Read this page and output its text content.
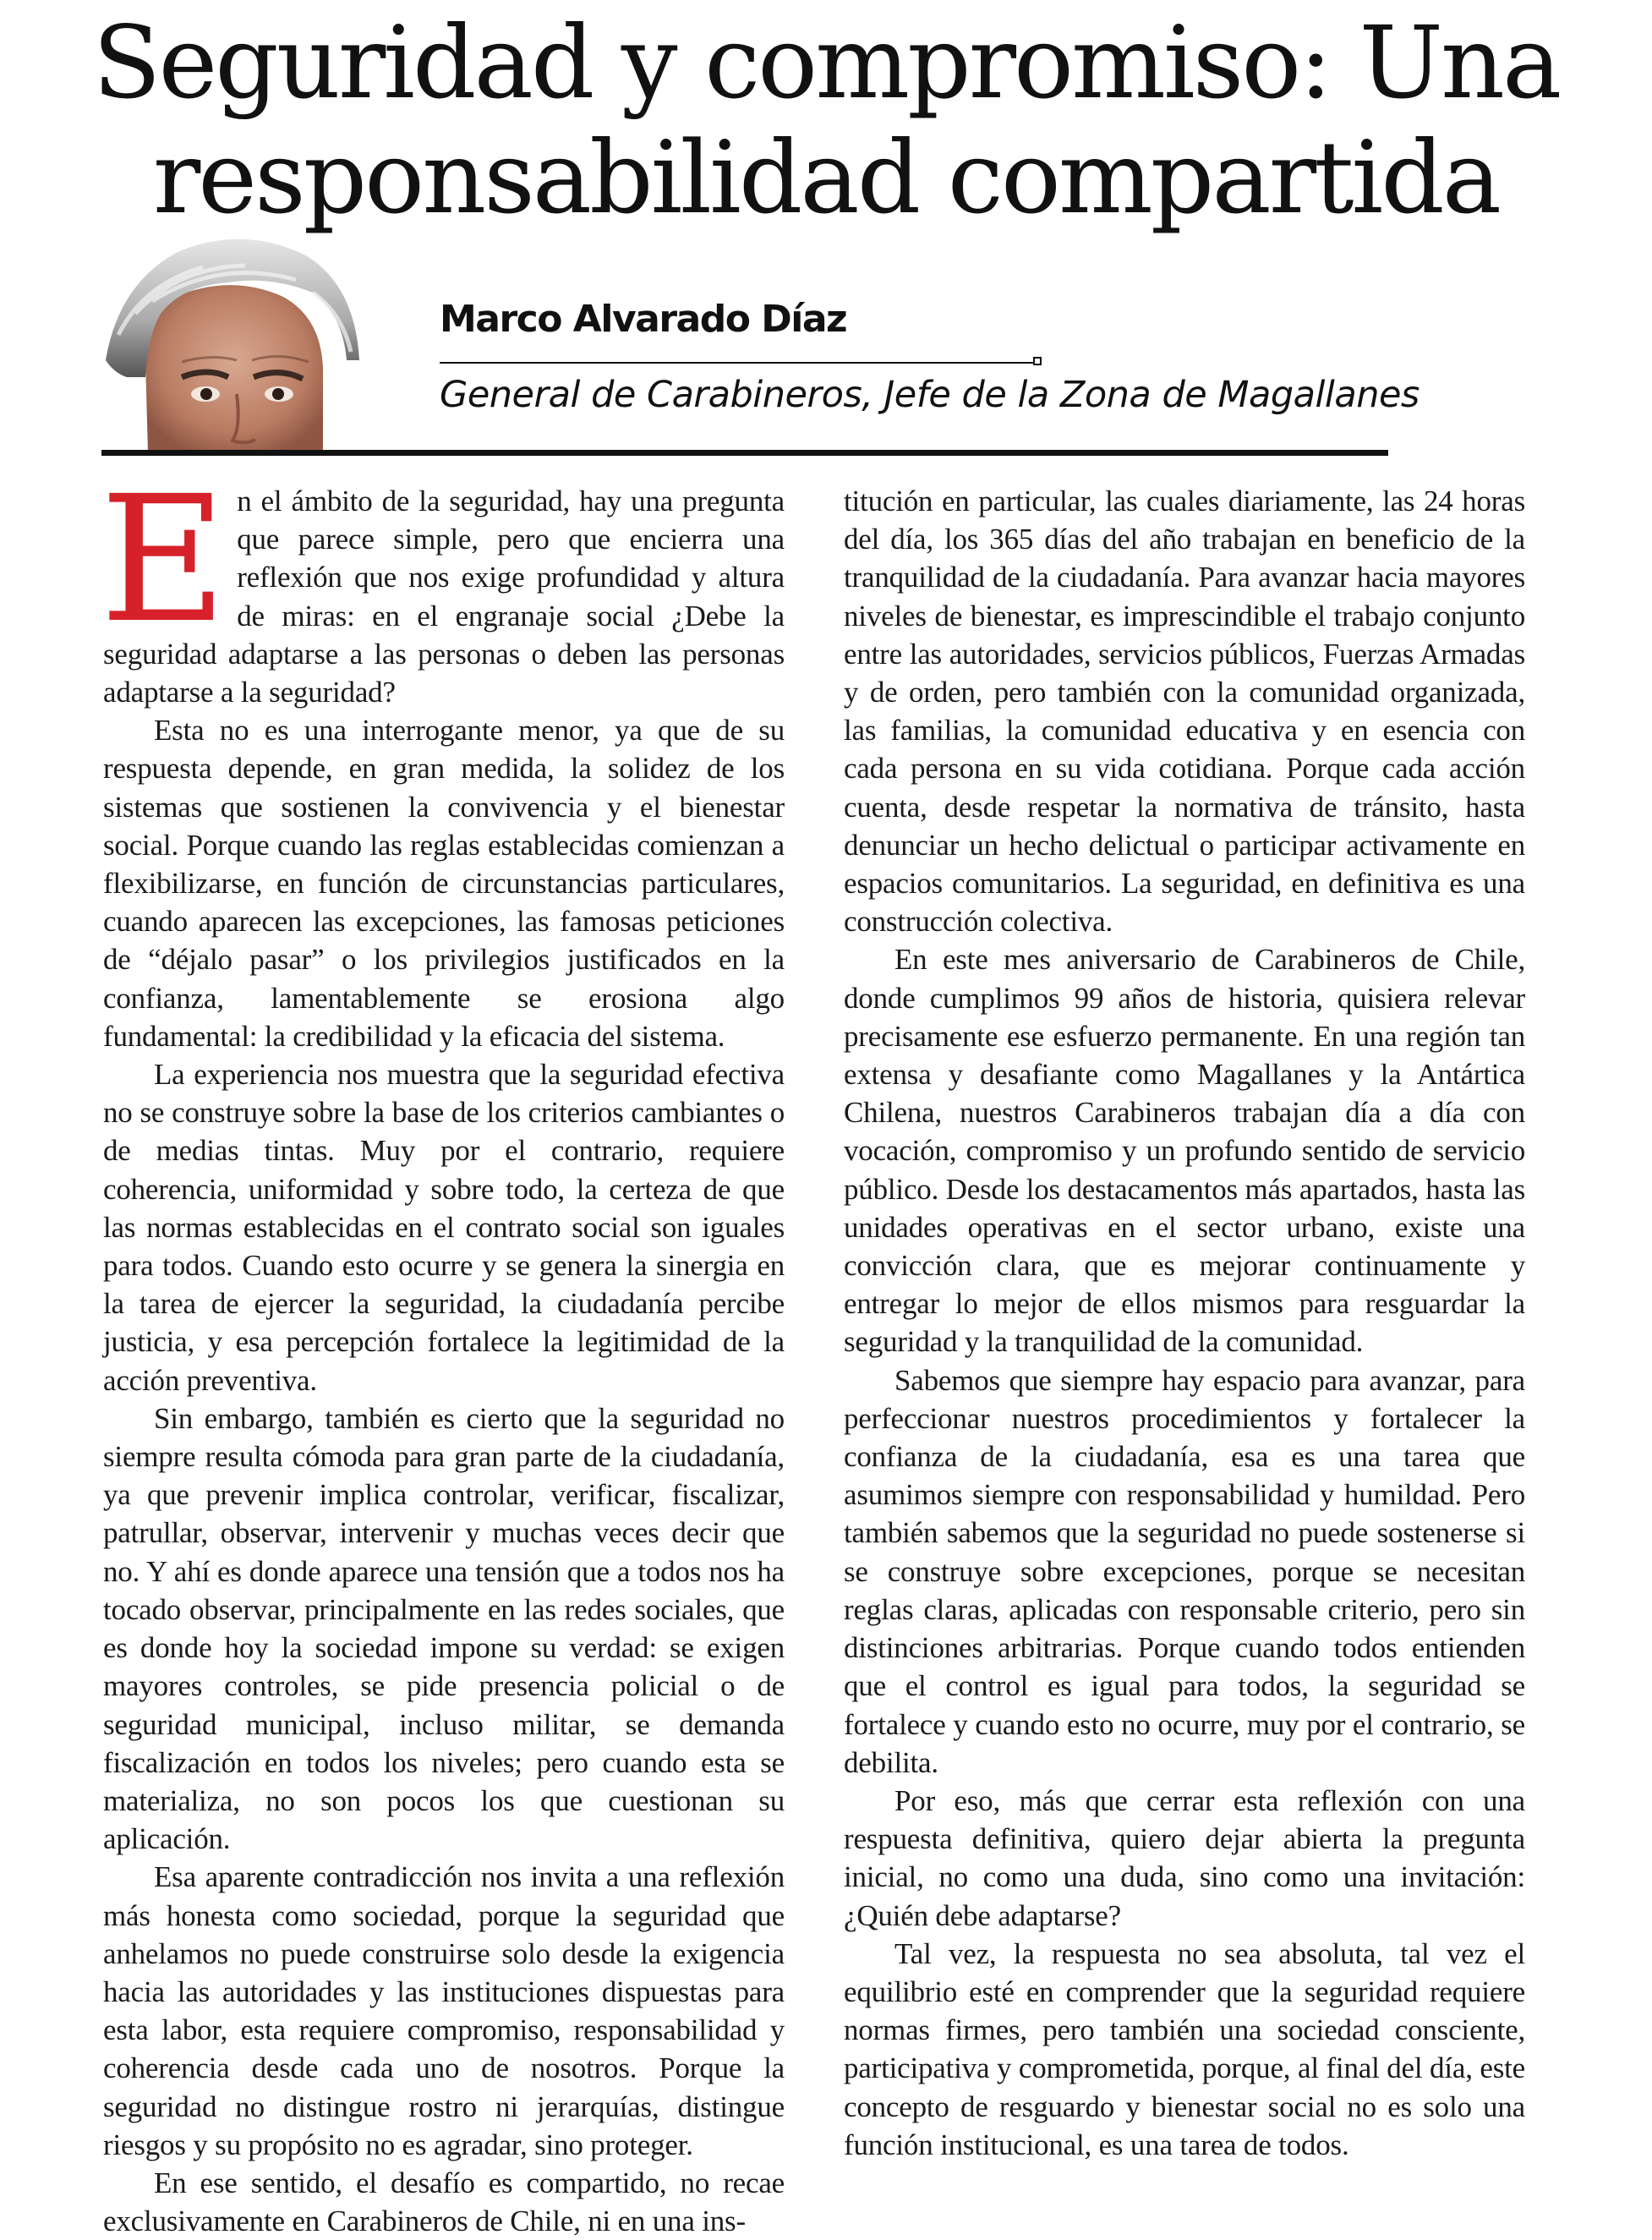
Seguridad y compromiso: Una
responsabilidad compartida
Marco Alvarado Díaz
General de Carabineros, Jefe de la Zona de Magallanes

En el ámbito de la seguridad, hay una pregunta que parece simple, pero que encierra una reflexión que nos exige profundidad y altura de miras: en el engranaje social ¿Debe la seguridad adaptarse a las personas o deben las personas adaptarse a la seguridad?

Esta no es una interrogante menor, ya que de su respuesta depende, en gran medida, la solidez de los sistemas que sostienen la convivencia y el bienestar social. Porque cuando las reglas establecidas comienzan a flexibilizarse, en función de circunstancias particulares, cuando aparecen las excepciones, las famosas peticiones de “déjalo pasar” o los privilegios justificados en la confianza, lamentablemente se erosiona algo fundamental: la credibilidad y la eficacia del sistema.

La experiencia nos muestra que la seguridad efectiva no se construye sobre la base de los criterios cambiantes o de medias tintas. Muy por el contrario, requiere coherencia, uniformidad y sobre todo, la certeza de que las normas establecidas en el contrato social son iguales para todos. Cuando esto ocurre y se genera la sinergia en la tarea de ejercer la seguridad, la ciudadanía percibe justicia, y esa percepción fortalece la legitimidad de la acción preventiva.

Sin embargo, también es cierto que la seguridad no siempre resulta cómoda para gran parte de la ciudadanía, ya que prevenir implica controlar, verificar, fiscalizar, patrullar, observar, intervenir y muchas veces decir que no. Y ahí es donde aparece una tensión que a todos nos ha tocado observar, principalmente en las redes sociales, que es donde hoy la sociedad impone su verdad: se exigen mayores controles, se pide presencia policial o de seguridad municipal, incluso militar, se demanda fiscalización en todos los niveles; pero cuando esta se materializa, no son pocos los que cuestionan su aplicación.

Esa aparente contradicción nos invita a una reflexión más honesta como sociedad, porque la seguridad que anhelamos no puede construirse solo desde la exigencia hacia las autoridades y las instituciones dispuestas para esta labor, esta requiere compromiso, responsabilidad y coherencia desde cada uno de nosotros. Porque la seguridad no distingue rostro ni jerarquías, distingue riesgos y su propósito no es agradar, sino proteger.

En ese sentido, el desafío es compartido, no recae exclusivamente en Carabineros de Chile, ni en una ins-

titución en particular, las cuales diariamente, las 24 horas del día, los 365 días del año trabajan en beneficio de la tranquilidad de la ciudadanía. Para avanzar hacia mayores niveles de bienestar, es imprescindible el trabajo conjunto entre las autoridades, servicios públicos, Fuerzas Armadas y de orden, pero también con la comunidad organizada, las familias, la comunidad educativa y en esencia con cada persona en su vida cotidiana. Porque cada acción cuenta, desde respetar la normativa de tránsito, hasta denunciar un hecho delictual o participar activamente en espacios comunitarios. La seguridad, en definitiva es una construcción colectiva.

En este mes aniversario de Carabineros de Chile, donde cumplimos 99 años de historia, quisiera relevar precisamente ese esfuerzo permanente. En una región tan extensa y desafiante como Magallanes y la Antártica Chilena, nuestros Carabineros trabajan día a día con vocación, compromiso y un profundo sentido de servicio público. Desde los destacamentos más apartados, hasta las unidades operativas en el sector urbano, existe una convicción clara, que es mejorar continuamente y entregar lo mejor de ellos mismos para resguardar la seguridad y la tranquilidad de la comunidad.

Sabemos que siempre hay espacio para avanzar, para perfeccionar nuestros procedimientos y fortalecer la confianza de la ciudadanía, esa es una tarea que asumimos siempre con responsabilidad y humildad. Pero también sabemos que la seguridad no puede sostenerse si se construye sobre excepciones, porque se necesitan reglas claras, aplicadas con responsable criterio, pero sin distinciones arbitrarias. Porque cuando todos entienden que el control es igual para todos, la seguridad se fortalece y cuando esto no ocurre, muy por el contrario, se debilita.

Por eso, más que cerrar esta reflexión con una respuesta definitiva, quiero dejar abierta la pregunta inicial, no como una duda, sino como una invitación: ¿Quién debe adaptarse?

Tal vez, la respuesta no sea absoluta, tal vez el equilibrio esté en comprender que la seguridad requiere normas firmes, pero también una sociedad consciente, participativa y comprometida, porque, al final del día, este concepto de resguardo y bienestar social no es solo una función institucional, es una tarea de todos.
